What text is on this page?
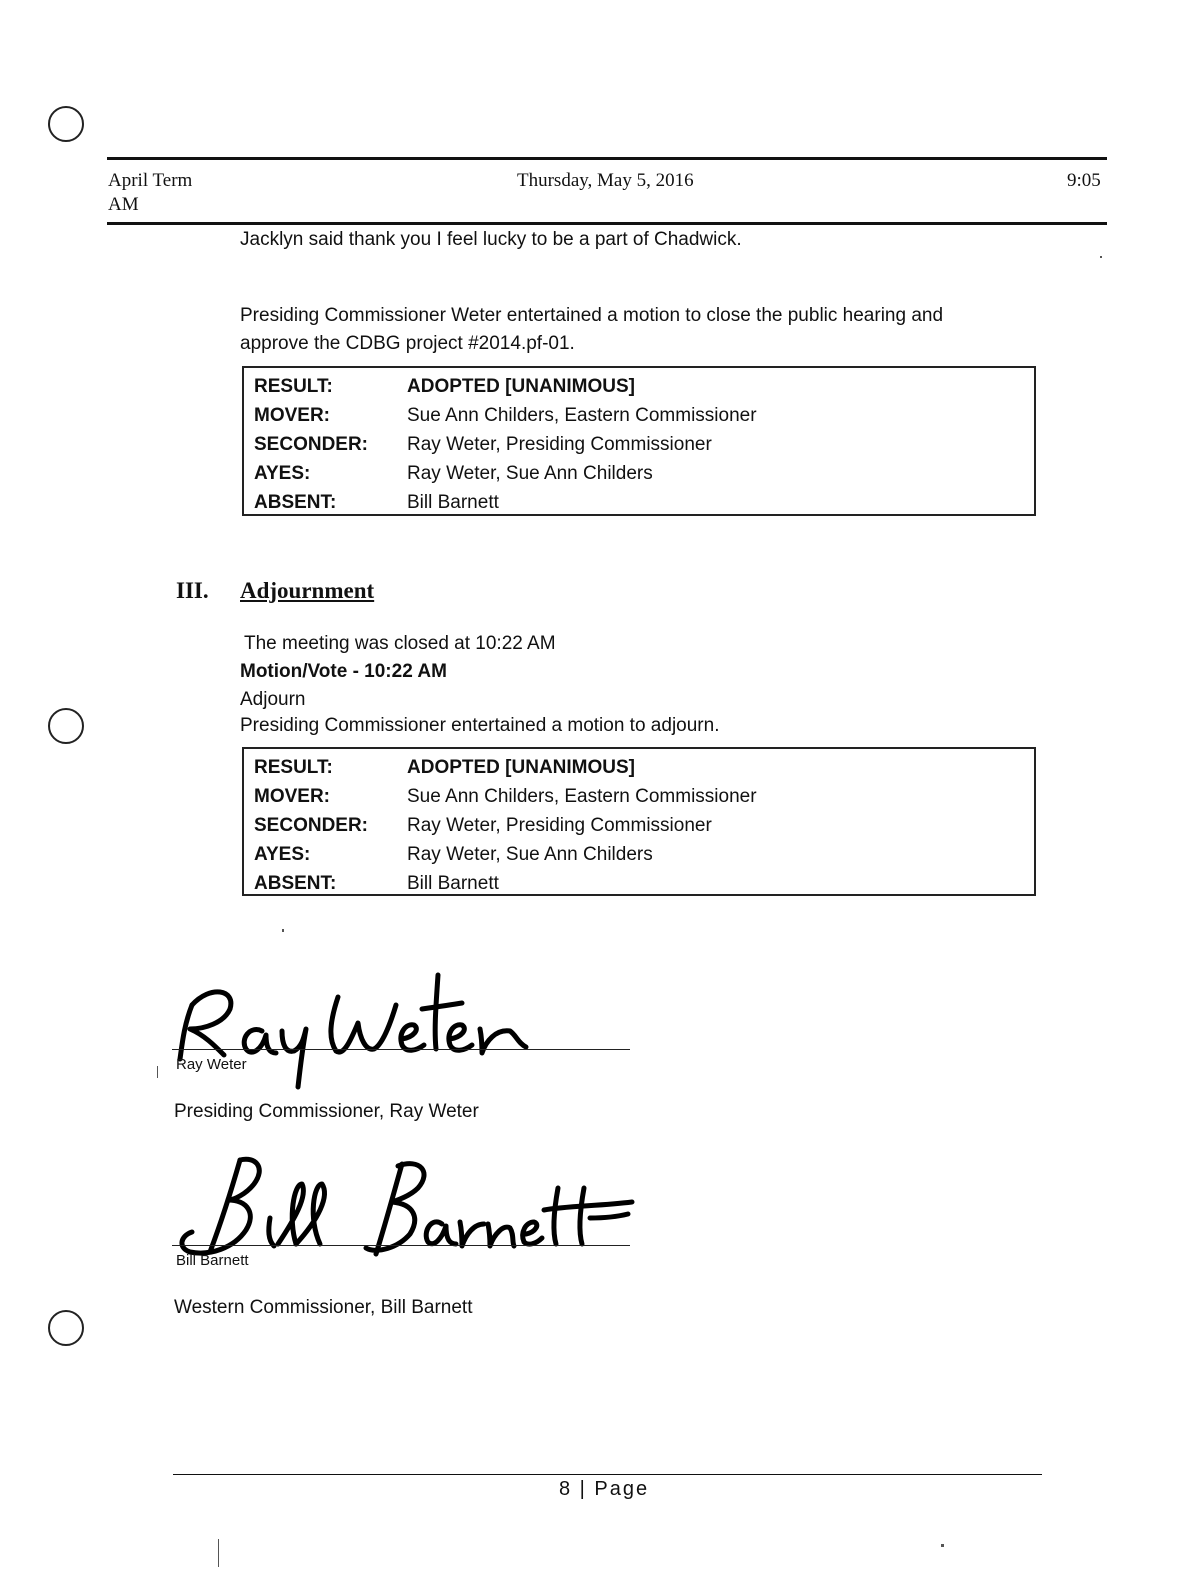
April Term
AM
Thursday, May 5, 2016	9:05
Jacklyn said thank you I feel lucky to be a part of Chadwick.
Presiding Commissioner Weter entertained a motion to close the public hearing and
approve the CDBG project #2014.pf-01.
RESULT:	ADOPTED [UNANIMOUS]
MOVER:	Sue Ann Childers, Eastern Commissioner
SECONDER: Ray Weter, Presiding Commissioner
AYES:	Ray Weter, Sue Ann Childers
ABSENT:	Bill Barnett
III. Adjournment
The meeting was closed at 10:22 AM
Motion/Vote - 10:22 AM
Adjourn
Presiding Commissioner entertained a motion to adjourn.
RESULT:	ADOPTED [UNANIMOUS]
MOVER:	Sue Ann Childers, Eastern Commissioner
SECONDER: Ray Weter, Presiding Commissioner
AYES:	Ray Weter, Sue Ann Childers
ABSENT:	Bill Barnett
Ray Weter
Presiding Commissioner, Ray Weter
Bill Barnett
Western Commissioner, Bill Barnett
8 | Page
